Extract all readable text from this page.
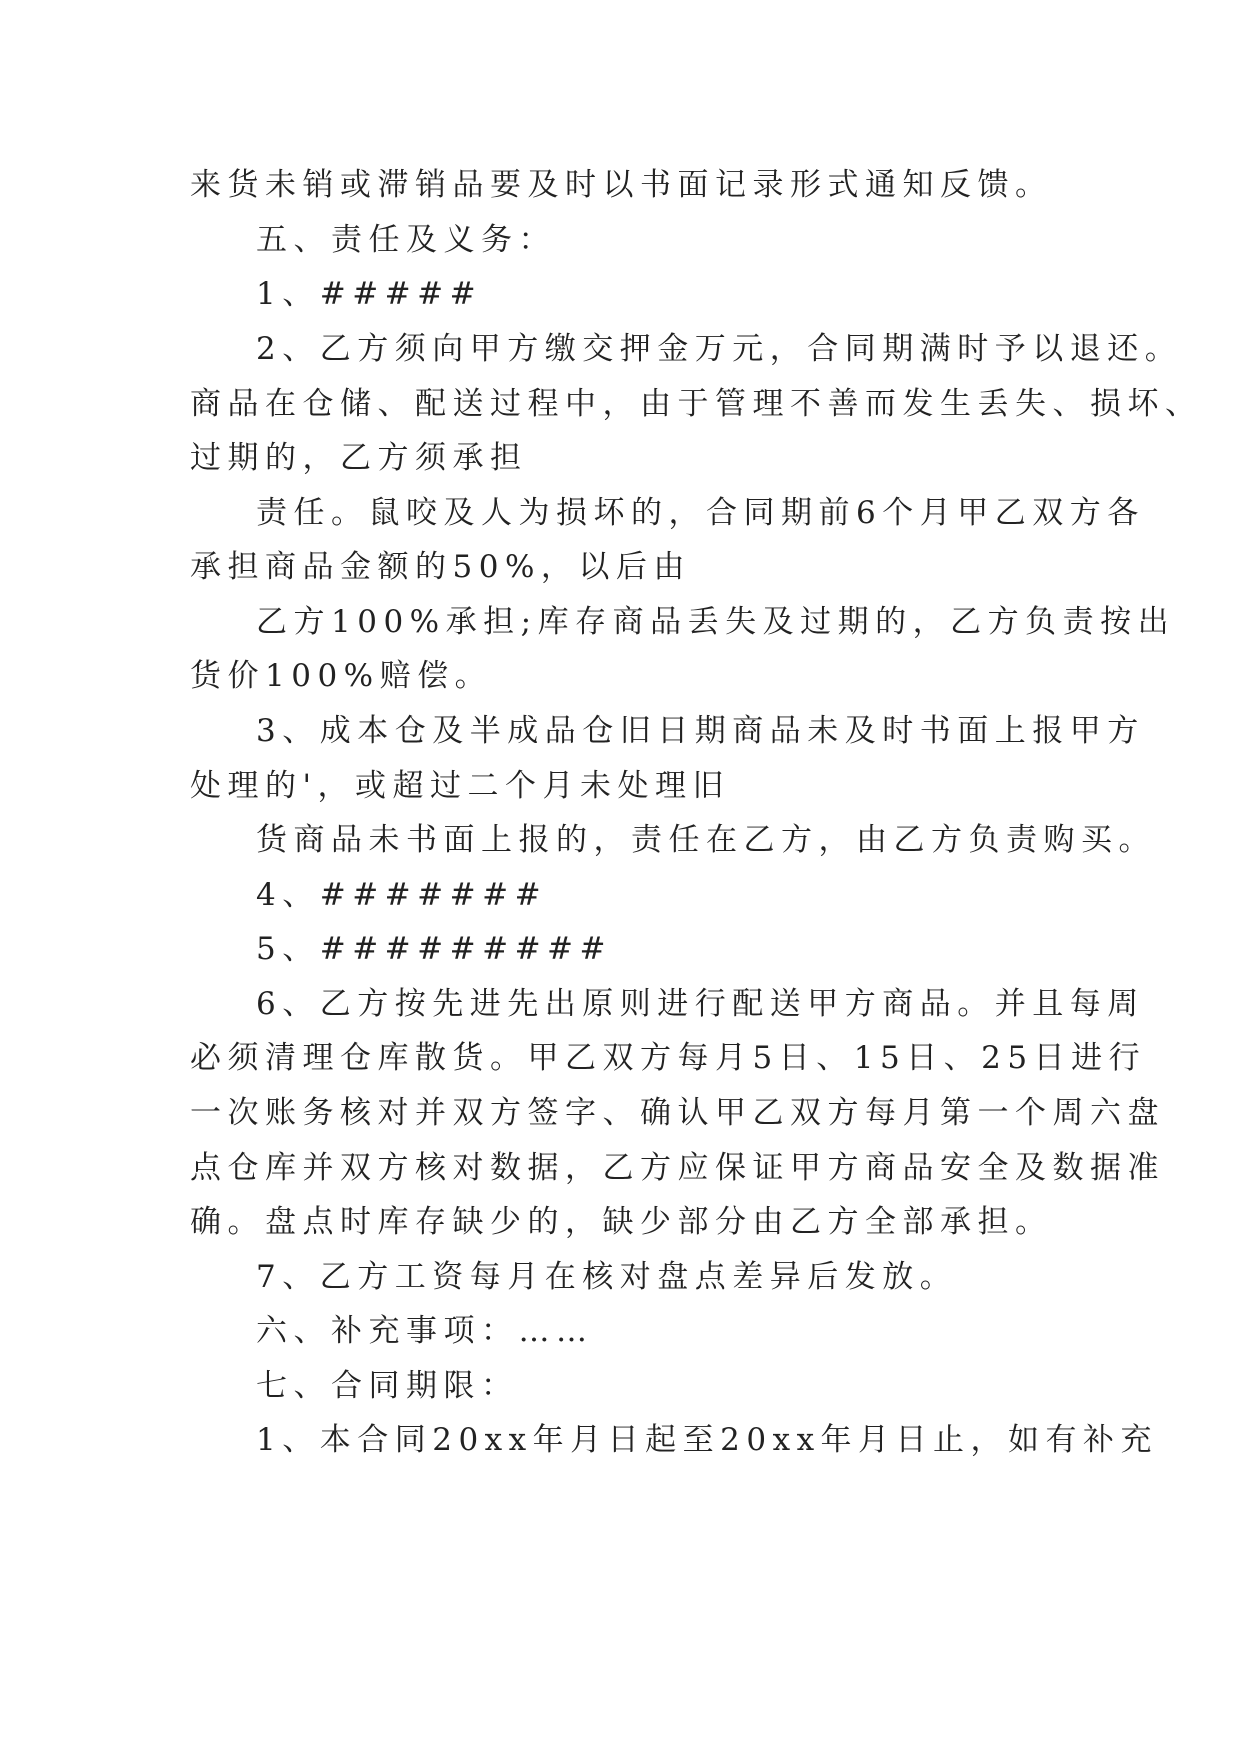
来货未销或滞销品要及时以书面记录形式通知反馈。
五、责任及义务：
1、#####
2、乙方须向甲方缴交押金万元，合同期满时予以退还。
商品在仓储、配送过程中，由于管理不善而发生丢失、损坏、
过期的，乙方须承担
责任。鼠咬及人为损坏的，合同期前6个月甲乙双方各
承担商品金额的50%，以后由
乙方100%承担;库存商品丢失及过期的，乙方负责按出
货价100%赔偿。
3、成本仓及半成品仓旧日期商品未及时书面上报甲方
处理的'，或超过二个月未处理旧
货商品未书面上报的，责任在乙方，由乙方负责购买。
4、#######
5、#########
6、乙方按先进先出原则进行配送甲方商品。并且每周
必须清理仓库散货。甲乙双方每月5日、15日、25日进行
一次账务核对并双方签字、确认甲乙双方每月第一个周六盘
点仓库并双方核对数据，乙方应保证甲方商品安全及数据准
确。盘点时库存缺少的，缺少部分由乙方全部承担。
7、乙方工资每月在核对盘点差异后发放。
六、补充事项：……
七、合同期限：
1、本合同20xx年月日起至20xx年月日止，如有补充
